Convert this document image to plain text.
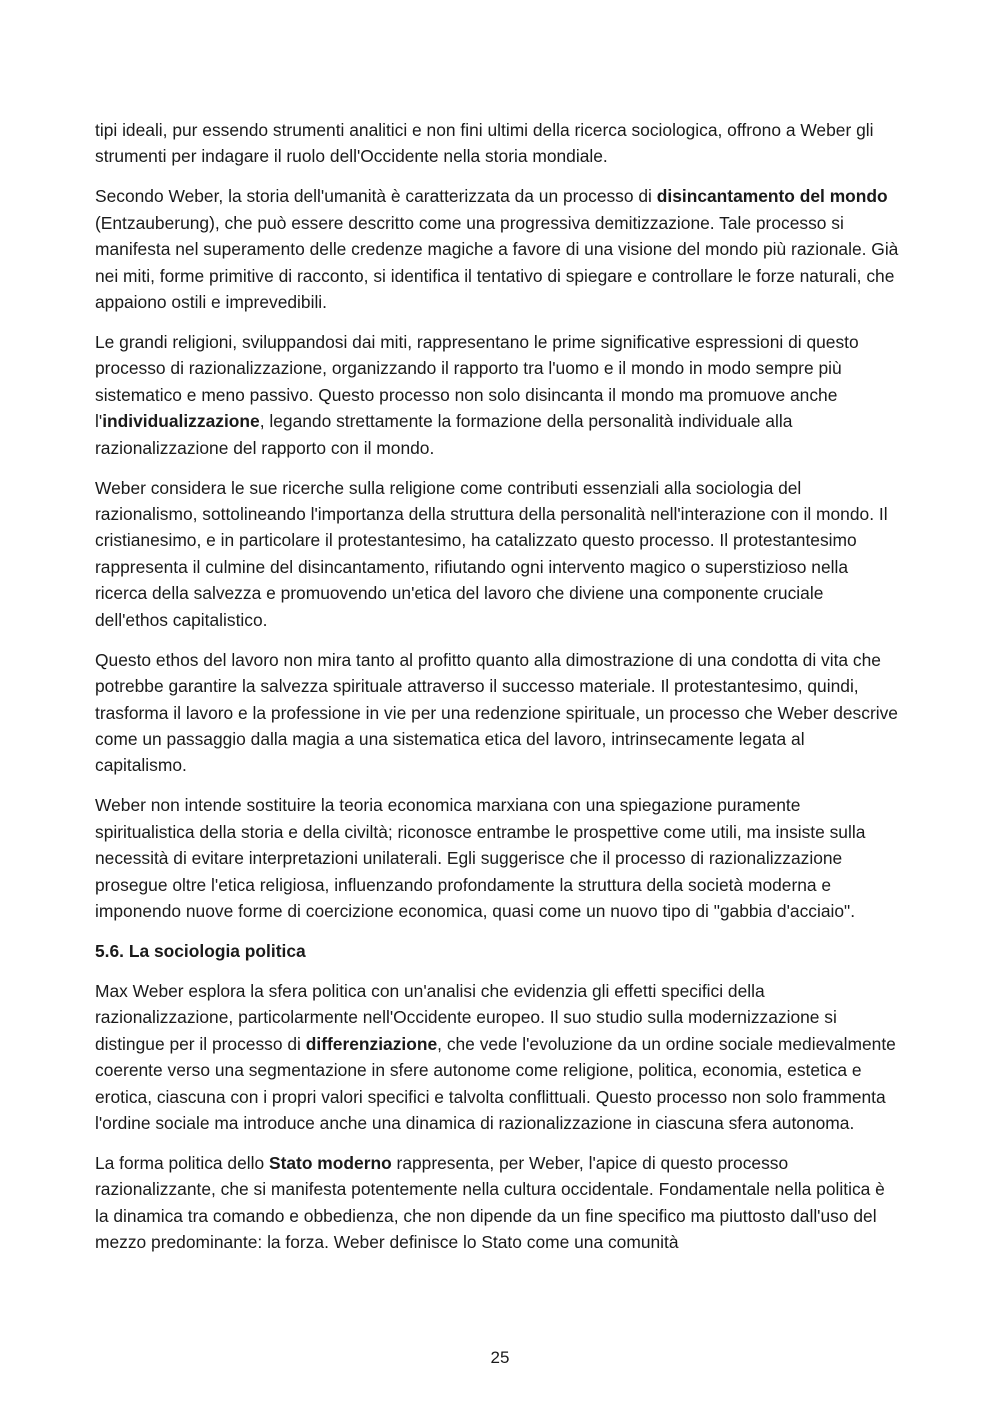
tipi ideali, pur essendo strumenti analitici e non fini ultimi della ricerca sociologica, offrono a Weber gli strumenti per indagare il ruolo dell'Occidente nella storia mondiale.

Secondo Weber, la storia dell'umanità è caratterizzata da un processo di disincantamento del mondo (Entzauberung), che può essere descritto come una progressiva demitizzazione. Tale processo si manifesta nel superamento delle credenze magiche a favore di una visione del mondo più razionale. Già nei miti, forme primitive di racconto, si identifica il tentativo di spiegare e controllare le forze naturali, che appaiono ostili e imprevedibili.

Le grandi religioni, sviluppandosi dai miti, rappresentano le prime significative espressioni di questo processo di razionalizzazione, organizzando il rapporto tra l'uomo e il mondo in modo sempre più sistematico e meno passivo. Questo processo non solo disincanta il mondo ma promuove anche l'individualizzazione, legando strettamente la formazione della personalità individuale alla razionalizzazione del rapporto con il mondo.

Weber considera le sue ricerche sulla religione come contributi essenziali alla sociologia del razionalismo, sottolineando l'importanza della struttura della personalità nell'interazione con il mondo. Il cristianesimo, e in particolare il protestantesimo, ha catalizzato questo processo. Il protestantesimo rappresenta il culmine del disincantamento, rifiutando ogni intervento magico o superstizioso nella ricerca della salvezza e promuovendo un'etica del lavoro che diviene una componente cruciale dell'ethos capitalistico.

Questo ethos del lavoro non mira tanto al profitto quanto alla dimostrazione di una condotta di vita che potrebbe garantire la salvezza spirituale attraverso il successo materiale. Il protestantesimo, quindi, trasforma il lavoro e la professione in vie per una redenzione spirituale, un processo che Weber descrive come un passaggio dalla magia a una sistematica etica del lavoro, intrinsecamente legata al capitalismo.

Weber non intende sostituire la teoria economica marxiana con una spiegazione puramente spiritualistica della storia e della civiltà; riconosce entrambe le prospettive come utili, ma insiste sulla necessità di evitare interpretazioni unilaterali. Egli suggerisce che il processo di razionalizzazione prosegue oltre l'etica religiosa, influenzando profondamente la struttura della società moderna e imponendo nuove forme di coercizione economica, quasi come un nuovo tipo di "gabbia d'acciaio".

5.6. La sociologia politica

Max Weber esplora la sfera politica con un'analisi che evidenzia gli effetti specifici della razionalizzazione, particolarmente nell'Occidente europeo. Il suo studio sulla modernizzazione si distingue per il processo di differenziazione, che vede l'evoluzione da un ordine sociale medievalmente coerente verso una segmentazione in sfere autonome come religione, politica, economia, estetica e erotica, ciascuna con i propri valori specifici e talvolta conflittuali. Questo processo non solo frammenta l'ordine sociale ma introduce anche una dinamica di razionalizzazione in ciascuna sfera autonoma.

La forma politica dello Stato moderno rappresenta, per Weber, l'apice di questo processo razionalizzante, che si manifesta potentemente nella cultura occidentale. Fondamentale nella politica è la dinamica tra comando e obbedienza, che non dipende da un fine specifico ma piuttosto dall'uso del mezzo predominante: la forza. Weber definisce lo Stato come una comunità

25
